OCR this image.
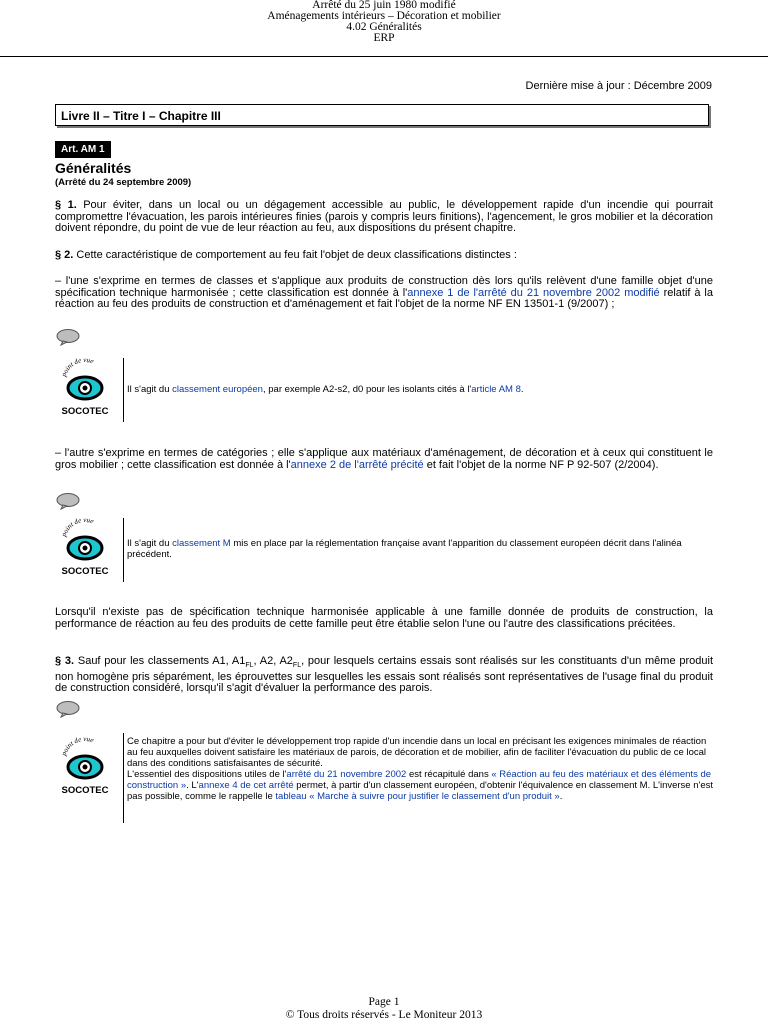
Arrêté du 25 juin 1980 modifié
Aménagements intérieurs – Décoration et mobilier
4.02 Généralités
ERP
Dernière mise à jour : Décembre 2009
Livre II – Titre I – Chapitre III
Art. AM 1
Généralités
(Arrêté du 24 septembre 2009)
§ 1. Pour éviter, dans un local ou un dégagement accessible au public, le développement rapide d'un incendie qui pourrait compromettre l'évacuation, les parois intérieures finies (parois y compris leurs finitions), l'agencement, le gros mobilier et la décoration doivent répondre, du point de vue de leur réaction au feu, aux dispositions du présent chapitre.
§ 2. Cette caractéristique de comportement au feu fait l'objet de deux classifications distinctes :
– l'une s'exprime en termes de classes et s'applique aux produits de construction dès lors qu'ils relèvent d'une famille objet d'une spécification technique harmonisée ; cette classification est donnée à l'annexe 1 de l'arrêté du 21 novembre 2002 modifié relatif à la réaction au feu des produits de construction et d'aménagement et fait l'objet de la norme NF EN 13501-1 (9/2007) ;
point de vue
SOCOTEC
Il s'agit du classement européen, par exemple A2-s2, d0 pour les isolants cités à l'article AM 8.
– l'autre s'exprime en termes de catégories ; elle s'applique aux matériaux d'aménagement, de décoration et à ceux qui constituent le gros mobilier ; cette classification est donnée à l'annexe 2 de l'arrêté précité et fait l'objet de la norme NF P 92-507 (2/2004).
point de vue
SOCOTEC
Il s'agit du classement M mis en place par la réglementation française avant l'apparition du classement européen décrit dans l'alinéa précédent.
Lorsqu'il n'existe pas de spécification technique harmonisée applicable à une famille donnée de produits de construction, la performance de réaction au feu des produits de cette famille peut être établie selon l'une ou l'autre des classifications précitées.
§ 3. Sauf pour les classements A1, $A1_{FL}$, A2, $A2_{FL}$, pour lesquels certains essais sont réalisés sur les constituants d'un même produit non homogène pris séparément, les éprouvettes sur lesquelles les essais sont réalisés sont représentatives de l'usage final du produit de construction considéré, lorsqu'il s'agit d'évaluer la performance des parois.
point de vue
SOCOTEC
Ce chapitre a pour but d'éviter le développement trop rapide d'un incendie dans un local en précisant les exigences minimales de réaction au feu auxquelles doivent satisfaire les matériaux de parois, de décoration et de mobilier, afin de faciliter l'évacuation du public de ce local dans des conditions satisfaisantes de sécurité.
L'essentiel des dispositions utiles de l'arrêté du 21 novembre 2002 est récapitulé dans « Réaction au feu des matériaux et des éléments de construction ». L'annexe 4 de cet arrêté permet, à partir d'un classement européen, d'obtenir l'équivalence en classement M. L'inverse n'est pas possible, comme le rappelle le tableau « Marche à suivre pour justifier le classement d'un produit ».
Page 1
© Tous droits réservés - Le Moniteur 2013
